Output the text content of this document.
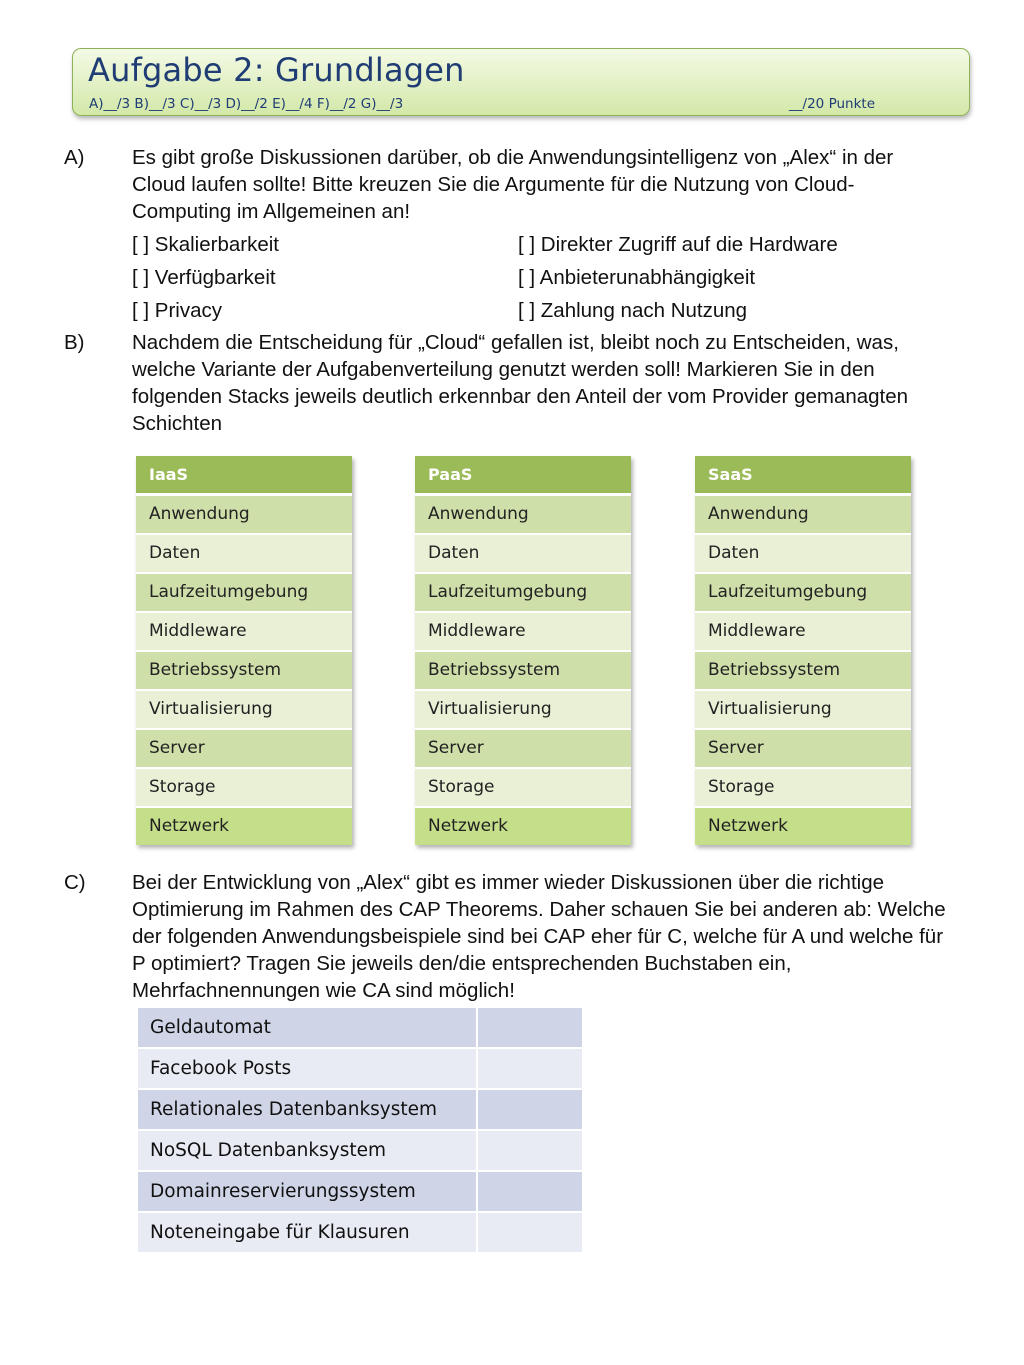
Aufgabe 2: Grundlagen
A)__/3 B)__/3 C)__/3 D)__/2 E)__/4 F)__/2 G)__/3	__/20 Punkte
A) Es gibt große Diskussionen darüber, ob die Anwendungsintelligenz von „Alex“ in der Cloud laufen sollte! Bitte kreuzen Sie die Argumente für die Nutzung von Cloud-Computing im Allgemeinen an!
[ ] Skalierbarkeit
[ ] Verfügbarkeit
[ ] Privacy
[ ] Direkter Zugriff auf die Hardware
[ ] Anbieterunabhängigkeit
[ ] Zahlung nach Nutzung
B) Nachdem die Entscheidung für „Cloud“ gefallen ist, bleibt noch zu Entscheiden, was, welche Variante der Aufgabenverteilung genutzt werden soll! Markieren Sie in den folgenden Stacks jeweils deutlich erkennbar den Anteil der vom Provider gemanagten Schichten
IaaS
Anwendung
Daten
Laufzeitumgebung
Middleware
Betriebssystem
Virtualisierung
Server
Storage
Netzwerk
PaaS
Anwendung
Daten
Laufzeitumgebung
Middleware
Betriebssystem
Virtualisierung
Server
Storage
Netzwerk
SaaS
Anwendung
Daten
Laufzeitumgebung
Middleware
Betriebssystem
Virtualisierung
Server
Storage
Netzwerk
C) Bei der Entwicklung von „Alex“ gibt es immer wieder Diskussionen über die richtige Optimierung im Rahmen des CAP Theorems. Daher schauen Sie bei anderen ab: Welche der folgenden Anwendungsbeispiele sind bei CAP eher für C, welche für A und welche für P optimiert? Tragen Sie jeweils den/die entsprechenden Buchstaben ein, Mehrfachnennungen wie CA sind möglich!
Geldautomat	
Facebook Posts	
Relationales Datenbanksystem	
NoSQL Datenbanksystem	
Domainreservierungssystem	
Noteneingabe für Klausuren	
